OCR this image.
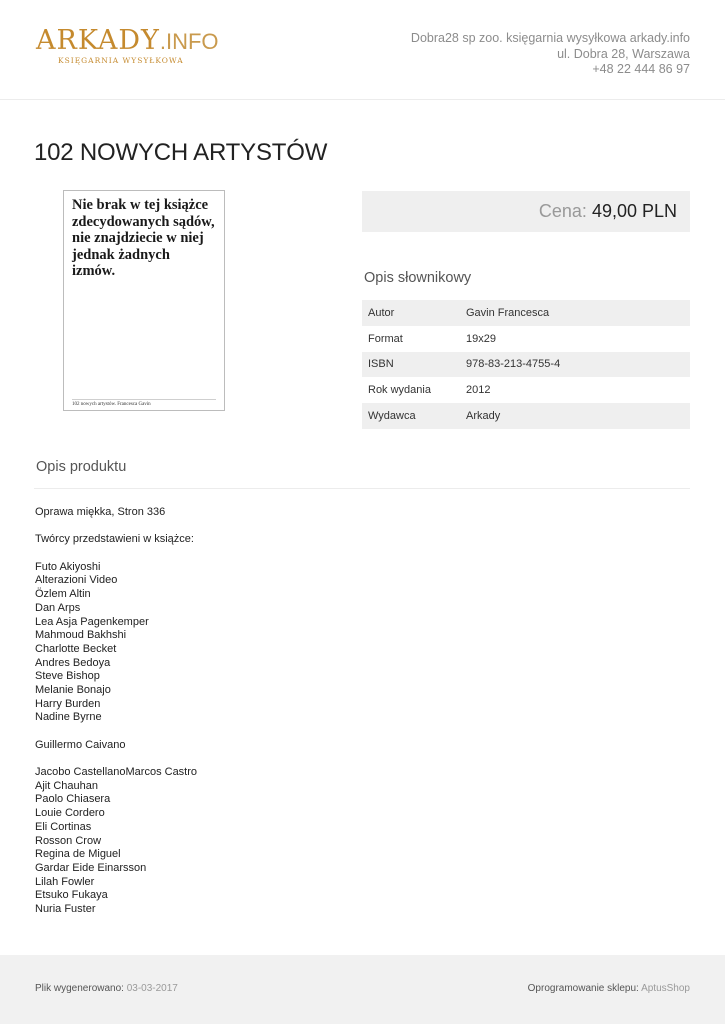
ARKADY.INFO
KSIĘGARNIA WYSYŁKOWA
Dobra28 sp zoo. księgarnia wysyłkowa arkady.info
ul. Dobra 28, Warszawa
+48 22 444 86 97
102 NOWYCH ARTYSTÓW
Nie brak w tej książce zdecydowanych sądów, nie znajdziecie w niej jednak żadnych izmów.
102 nowych artystów. Francesca Gavin
Cena: 49,00 PLN
Opis słownikowy
Autor	Gavin Francesca
Format	19x29
ISBN	978-83-213-4755-4
Rok wydania	2012
Wydawca	Arkady
Opis produktu
Oprawa miękka, Stron 336
Twórcy przedstawieni w książce:
Futo Akiyoshi
Alterazioni Video
Özlem Altin
Dan Arps
Lea Asja Pagenkemper
Mahmoud Bakhshi
Charlotte Becket
Andres Bedoya
Steve Bishop
Melanie Bonajo
Harry Burden
Nadine Byrne
Guillermo Caivano
Jacobo CastellanoMarcos Castro
Ajit Chauhan
Paolo Chiasera
Louie Cordero
Eli Cortinas
Rosson Crow
Regina de Miguel
Gardar Eide Einarsson
Lilah Fowler
Etsuko Fukaya
Nuria Fuster
Plik wygenerowano: 03-03-2017	Oprogramowanie sklepu: AptusShop
